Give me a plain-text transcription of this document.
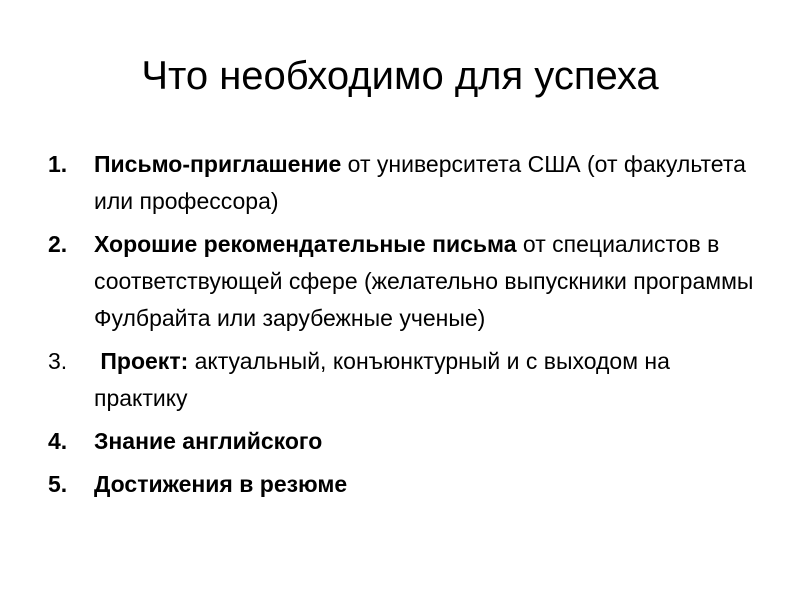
Что необходимо для успеха
1. Письмо-приглашение от университета США (от факультета или профессора)
2. Хорошие рекомендательные письма от специалистов в соответствующей сфере (желательно выпускники программы Фулбрайта или зарубежные ученые)
3. Проект: актуальный, конъюнктурный и с выходом на практику
4. Знание английского
5. Достижения в резюме
